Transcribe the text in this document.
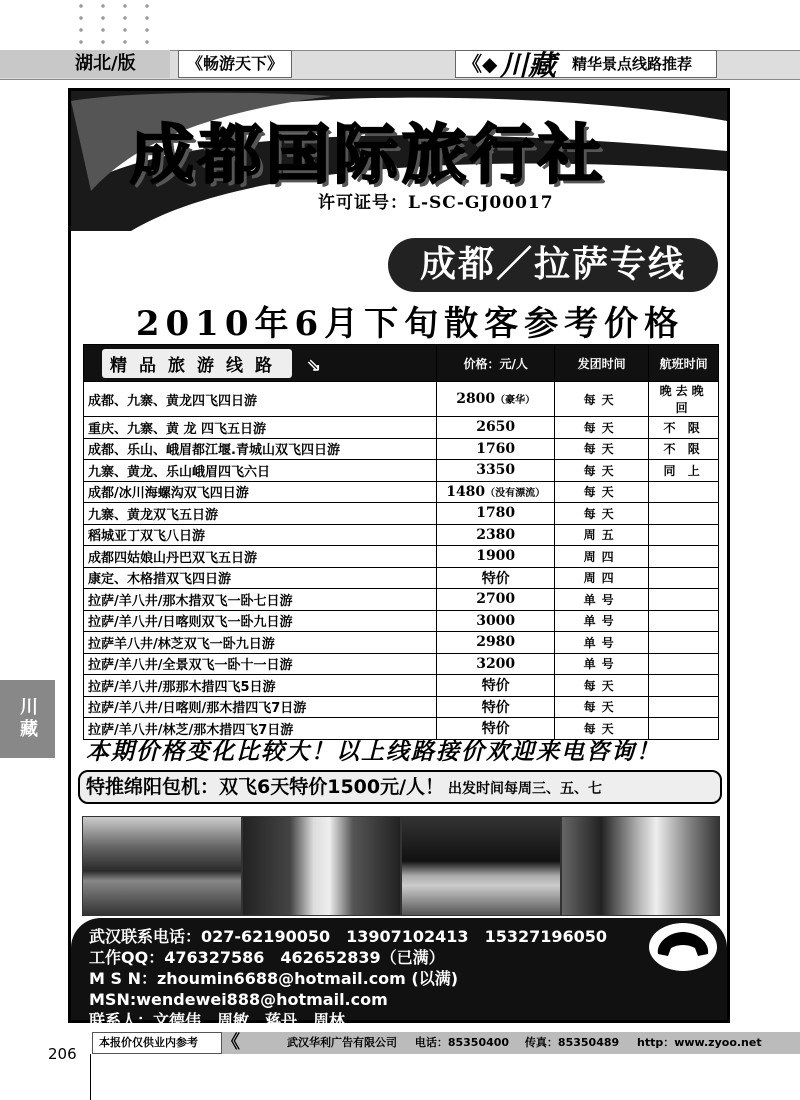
湖北/版	《畅游天下》	《◆ 川藏 精华景点线路推荐
成都国际旅行社
许可证号：L-SC-GJ00017
成都／拉萨专线
2010年6月下旬散客参考价格
精品旅游线路 ⇘	价格：元/人	发团时间	航班时间
成都、九寨、黄龙四飞四日游	2800（豪华）	每天	晚去晚回
重庆、九寨、黄 龙 四飞五日游	2650	每天	不 限
成都、乐山、峨眉都江堰.青城山双飞四日游	1760	每天	不 限
九寨、黄龙、乐山峨眉四飞六日	3350	每天	同 上
成都/冰川海螺沟双飞四日游	1480（没有漂流）	每天	
九寨、黄龙双飞五日游	1780	每天	
稻城亚丁双飞八日游	2380	周五	
成都四姑娘山丹巴双飞五日游	1900	周四	
康定、木格措双飞四日游	特价	周四	
拉萨/羊八井/那木措双飞一卧七日游	2700	单号	
拉萨/羊八井/日喀则双飞一卧九日游	3000	单号	
拉萨羊八井/林芝双飞一卧九日游	2980	单号	
拉萨/羊八井/全景双飞一卧十一日游	3200	单号	
拉萨/羊八井/那那木措四飞5日游	特价	每天	
拉萨/羊八井/日喀则/那木措四飞7日游	特价	每天	
拉萨/羊八井/林芝/那木措四飞7日游	特价	每天	
本期价格变化比较大！以上线路接价欢迎来电咨询！
特推绵阳包机：双飞6天特价1500元/人！ 出发时间每周三、五、七
武汉联系电话：027-62190050　13907102413　15327196050
工作QQ：476327586　462652839（已满）
M S N：zhoumin6688@hotmail.com (以满)　MSN:wendewei888@hotmail.com
联系人：文德伟　周敏　蒋丹　周林
川藏
武汉华利广告有限公司 电话：85350400 传真：85350489 http：www.zyoo.net
本报价仅供业内参考	《
206
